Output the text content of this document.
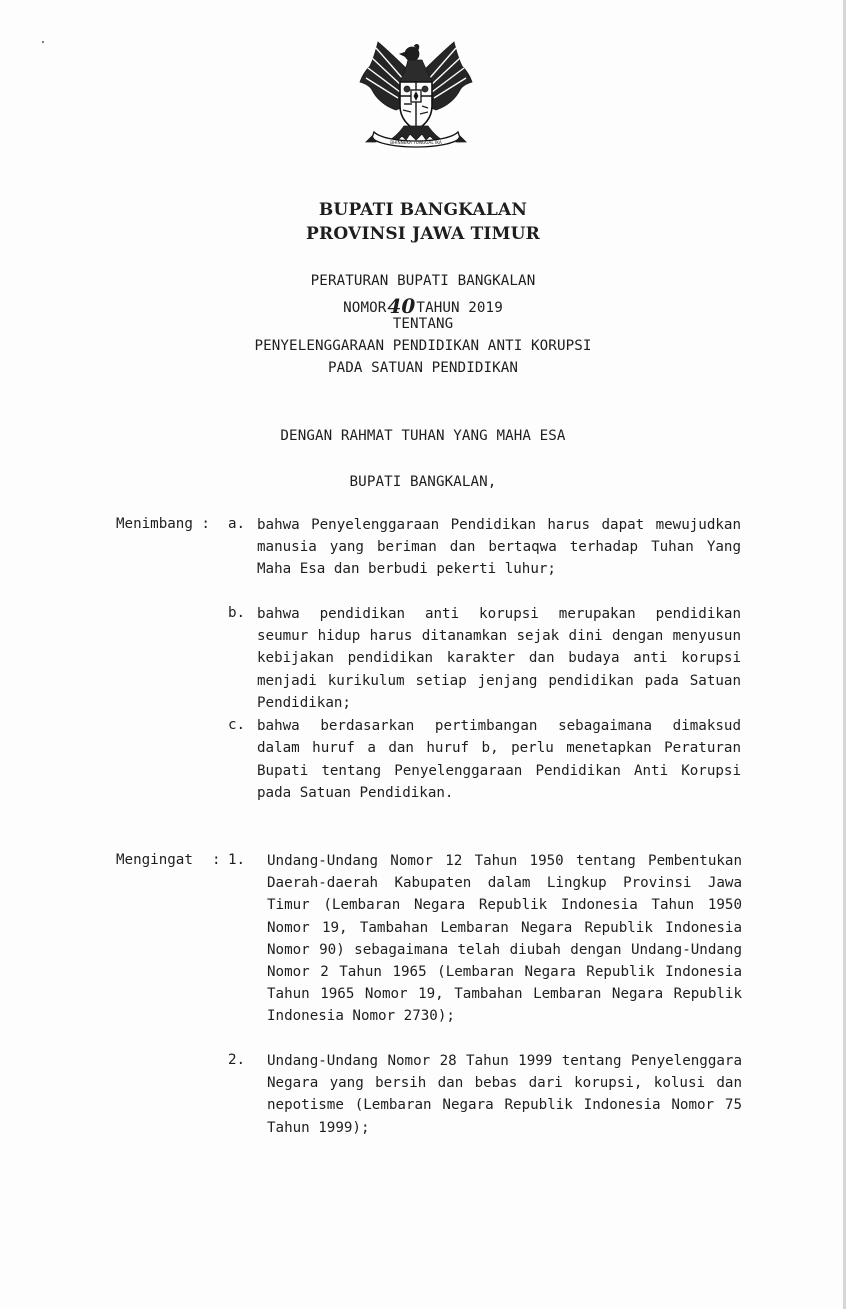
BHINNEKA TUNGGAL IKA
BUPATI BANGKALAN
PROVINSI JAWA TIMUR
PERATURAN BUPATI BANGKALAN
NOMOR40TAHUN 2019
TENTANG
PENYELENGGARAAN PENDIDIKAN ANTI KORUPSI
PADA SATUAN PENDIDIKAN
DENGAN RAHMAT TUHAN YANG MAHA ESA
BUPATI BANGKALAN,
Menimbang : a. bahwa Penyelenggaraan Pendidikan harus dapat mewujudkan manusia yang beriman dan bertaqwa terhadap Tuhan Yang Maha Esa dan berbudi pekerti luhur;
b. bahwa pendidikan anti korupsi merupakan pendidikan seumur hidup harus ditanamkan sejak dini dengan menyusun kebijakan pendidikan karakter dan budaya anti korupsi menjadi kurikulum setiap jenjang pendidikan pada Satuan Pendidikan;
c. bahwa berdasarkan pertimbangan sebagaimana dimaksud dalam huruf a dan huruf b, perlu menetapkan Peraturan Bupati tentang Penyelenggaraan Pendidikan Anti Korupsi pada Satuan Pendidikan.
Mengingat : 1. Undang-Undang Nomor 12 Tahun 1950 tentang Pembentukan Daerah-daerah Kabupaten dalam Lingkup Provinsi Jawa Timur (Lembaran Negara Republik Indonesia Tahun 1950 Nomor 19, Tambahan Lembaran Negara Republik Indonesia Nomor 90) sebagaimana telah diubah dengan Undang-Undang Nomor 2 Tahun 1965 (Lembaran Negara Republik Indonesia Tahun 1965 Nomor 19, Tambahan Lembaran Negara Republik Indonesia Nomor 2730);
2. Undang-Undang Nomor 28 Tahun 1999 tentang Penyelenggara Negara yang bersih dan bebas dari korupsi, kolusi dan nepotisme (Lembaran Negara Republik Indonesia Nomor 75 Tahun 1999);
